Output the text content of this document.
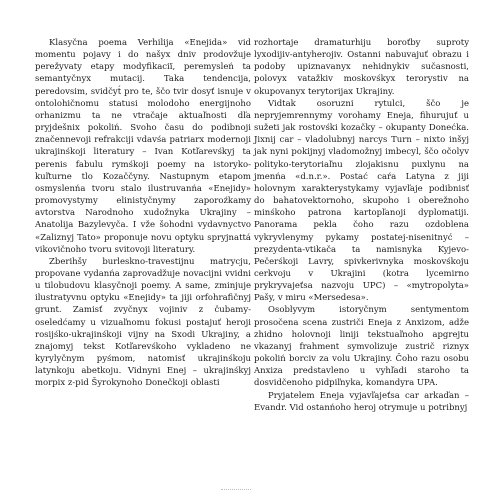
Klasyčna poema Verhilija «Enejida» vid momentu pojavy i do našyx dniv prodovžuje perežyvaty etapy modyfikaciї, peremysleń ta semantyčnyx mutacij. Taka tendencija, peredovsim, svidčyt́ pro te, ščo tvir dosyť isnuje v ontolohičnomu statusi molodoho energijnoho orhanizmu ta ne vtračaje aktuaľnosti dľa pryjdešnix pokoliń. Svoho času do podibnoji značennevoji refrakciji vdavśa patriarx modernoji ukrajinśkoji literatury – Ivan Kotľarevśkyj ta perenis fabulu rymśkoji poemy na istoryko-kuľturne tlo Kozaččyny. Nastupnym etapom osmyslenńa tvoru stalo ilustruvanńa «Enejidy» promovystymy elinistyčnymy zaporoźkamy avtorstva Narodnoho xudožnyka Ukrajiny – Anatolija Bazylevyča. I vže šohodni vydavnyctvo «Zaliznyj Tato» proponuje novu optyku spryjnattá vikovičnoho tvoru svitovoji literatury.

Zberihšy burlesknо-travestijnu matrycju, propovane vydanńa zaprovadžuje novacijni vvidni u tilobudovu klasyčnoji poemy. A same, zminjuje ilustratyvnu optyku «Enejidy» ta jiji orfohrafičnyj grunt. Zamisť zvyčnyx vojiniv z čubamy-oseledćamy u vizuaľnomu fokusi postajuť heroji rosijśko-ukrajinśkoji vijny na Sxodi Ukrajiny, a znajomyj tekst Kotľarevśkoho vykladeno ne kyrylyčnym pyśmom, natomisť ukrajinśkoju latynkoju abetkoju. Vidnyni Enej – ukrajinśkyj morpix z-pid Šyrokynoho Donečkoji oblasti

rozhortaje dramaturhiju boroťby suproty lyxodijiv-antyherojiv. Ostanni nabuvajuť obrazu i podoby upiznavanyx nehidnykiv sučasnosti, polovyx vatažkiv moskovśkyx terorystiv na okupovanyx terytorijax Ukrajiny.

Vidtak osoruzni rytulci, ščo je nepryjemrennymy vorohamy Eneja, fihurujuť u sužeti jak rostovśki kozačky – okupanty Donećka. Jixnij car – vladolubnyj narcys Turn – nixto inšyj jak nyni pokijnyj vladomožnyj imbecyl, ščo očolyv polityko-terytoriaľnu zlojakisnu puxlynu na jmenńa «d.n.r.». Postać caŕa Latyna z jiji holovnym xarakterystykamy vyjavľaje podibnisť do bahatovektornoho, skupoho i oberežnoho minśkoho patrona kartopľanoji dyplomatiji. Panorama pekla čoho razu ozdoblena vykryvlenymy pykamy postatej-nisenitnyć – prezydenta-vtikača ta namisnyka Kyjevo-Pečerśkoji Lavry, spivkerivnyka moskovśkoju cerkvoju v Ukrajini (kotra lycemirno prykryvajeťsa nazvoju UPC) – «mytropolyta» Pašy, v miru «Mersedesa».

Osoblyvym istoryčnym sentymentom prosočena scena zustriči Eneja z Anxizom, adže zhidno holovnoji liniji tekstuaľnoho apgrejtu vkazanyj frahment symvolizuje zustrič riznyx pokoliń borciv za volu Ukrajiny. Čoho razu osobu Anxiza predstavleno u vyhľadi staroho ta dosvidčenoho pidpiľnyka, komandyra UPA.

Pryjatelem Eneja vyjavľajeťsa car arkaďan – Evandr. Vid ostanńoho heroj otrymuje u potribnyj
